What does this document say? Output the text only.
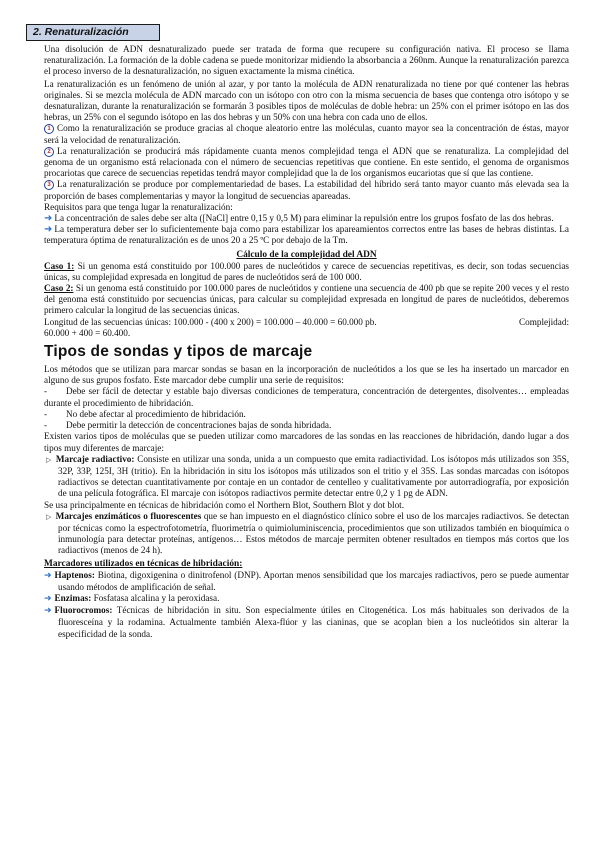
2. Renaturalización

Una disolución de ADN desnaturalizado puede ser tratada de forma que recupere su configuración nativa. El proceso se llama renaturalización. La formación de la doble cadena se puede monitorizar midiendo la absorbancia a 260nm. Aunque la renaturalización parezca el proceso inverso de la desnaturalización, no siguen exactamente la misma cinética.

La renaturalización es un fenómeno de unión al azar, y por tanto la molécula de ADN renaturalizada no tiene por qué contener las hebras originales. Si se mezcla molécula de ADN marcado con un isótopo con otro con la misma secuencia de bases que contenga otro isótopo y se desnaturalizan, durante la renaturalización se formarán 3 posibles tipos de moléculas de doble hebra: un 25% con el primer isótopo en las dos hebras, un 25% con el segundo isótopo en las dos hebras y un 50% con una hebra con cada uno de ellos.

1 Como la renaturalización se produce gracias al choque aleatorio entre las moléculas, cuanto mayor sea la concentración de éstas, mayor será la velocidad de renaturalización.

2 La renaturalización se producirá más rápidamente cuanta menos complejidad tenga el ADN que se renaturaliza. La complejidad del genoma de un organismo está relacionada con el número de secuencias repetitivas que contiene. En este sentido, el genoma de organismos procariotas que carece de secuencias repetidas tendrá mayor complejidad que la de los organismos eucariotas que sí que las contiene.

3 La renaturalización se produce por complementariedad de bases. La estabilidad del híbrido será tanto mayor cuanto más elevada sea la proporción de bases complementarias y mayor la longitud de secuencias apareadas.

Requisitos para que tenga lugar la renaturalización:

➜ La concentración de sales debe ser alta ([NaCl] entre 0,15 y 0,5 M) para eliminar la repulsión entre los grupos fosfato de las dos hebras.

➜ La temperatura deber ser lo suficientemente baja como para estabilizar los apareamientos correctos entre las bases de hebras distintas. La temperatura óptima de renaturalización es de unos 20 a 25 ºC por debajo de la Tm.

Cálculo de la complejidad del ADN

Caso 1: Si un genoma está constituido por 100.000 pares de nucleótidos y carece de secuencias repetitivas, es decir, son todas secuencias únicas, su complejidad expresada en longitud de pares de nucleótidos será de 100 000.

Caso 2: Si un genoma está constituido por 100.000 pares de nucleótidos y contiene una secuencia de 400 pb que se repite 200 veces y el resto del genoma está constituido por secuencias únicas, para calcular su complejidad expresada en longitud de pares de nucleótidos, deberemos primero calcular la longitud de las secuencias únicas.

Longitud de las secuencias únicas: 100.000 - (400 x 200) = 100.000 – 40.000 = 60.000 pb.	Complejidad:

60.000 + 400 = 60.400.

Tipos de sondas y tipos de marcaje

Los métodos que se utilizan para marcar sondas se basan en la incorporación de nucleótidos a los que se les ha insertado un marcador en alguno de sus grupos fosfato. Este marcador debe cumplir una serie de requisitos:

- Debe ser fácil de detectar y estable bajo diversas condiciones de temperatura, concentración de detergentes, disolventes… empleadas durante el procedimiento de hibridación.

- No debe afectar al procedimiento de hibridación.

- Debe permitir la detección de concentraciones bajas de sonda hibridada.

Existen varios tipos de moléculas que se pueden utilizar como marcadores de las sondas en las reacciones de hibridación, dando lugar a dos tipos muy diferentes de marcaje:

▷ Marcaje radiactivo: Consiste en utilizar una sonda, unida a un compuesto que emita radiactividad. Los isótopos más utilizados son 35S, 32P, 33P, 125I, 3H (tritio). En la hibridación in situ los isótopos más utilizados son el tritio y el 35S. Las sondas marcadas con isótopos radiactivos se detectan cuantitativamente por contaje en un contador de centelleo y cualitativamente por autorradiografía, por exposición de una película fotográfica. El marcaje con isótopos radiactivos permite detectar entre 0,2 y 1 pg de ADN.

Se usa principalmente en técnicas de hibridación como el Northern Blot, Southern Blot y dot blot.

▷ Marcajes enzimáticos o fluorescentes que se han impuesto en el diagnóstico clínico sobre el uso de los marcajes radiactivos. Se detectan por técnicas como la espectrofotometría, fluorimetría o quimioluminiscencia, procedimientos que son utilizados también en bioquímica o inmunología para detectar proteínas, antígenos… Estos métodos de marcaje permiten obtener resultados en tiempos más cortos que los radiactivos (menos de 24 h).

Marcadores utilizados en técnicas de hibridación:

➜ Haptenos: Biotina, digoxigenina o dinitrofenol (DNP). Aportan menos sensibilidad que los marcajes radiactivos, pero se puede aumentar usando métodos de amplificación de señal.

➜ Enzimas: Fosfatasa alcalina y la peroxidasa.

➜ Fluorocromos: Técnicas de hibridación in situ. Son especialmente útiles en Citogenética. Los más habituales son derivados de la fluoresceína y la rodamina. Actualmente también Alexa-flúor y las cianinas, que se acoplan bien a los nucleótidos sin alterar la especificidad de la sonda.
